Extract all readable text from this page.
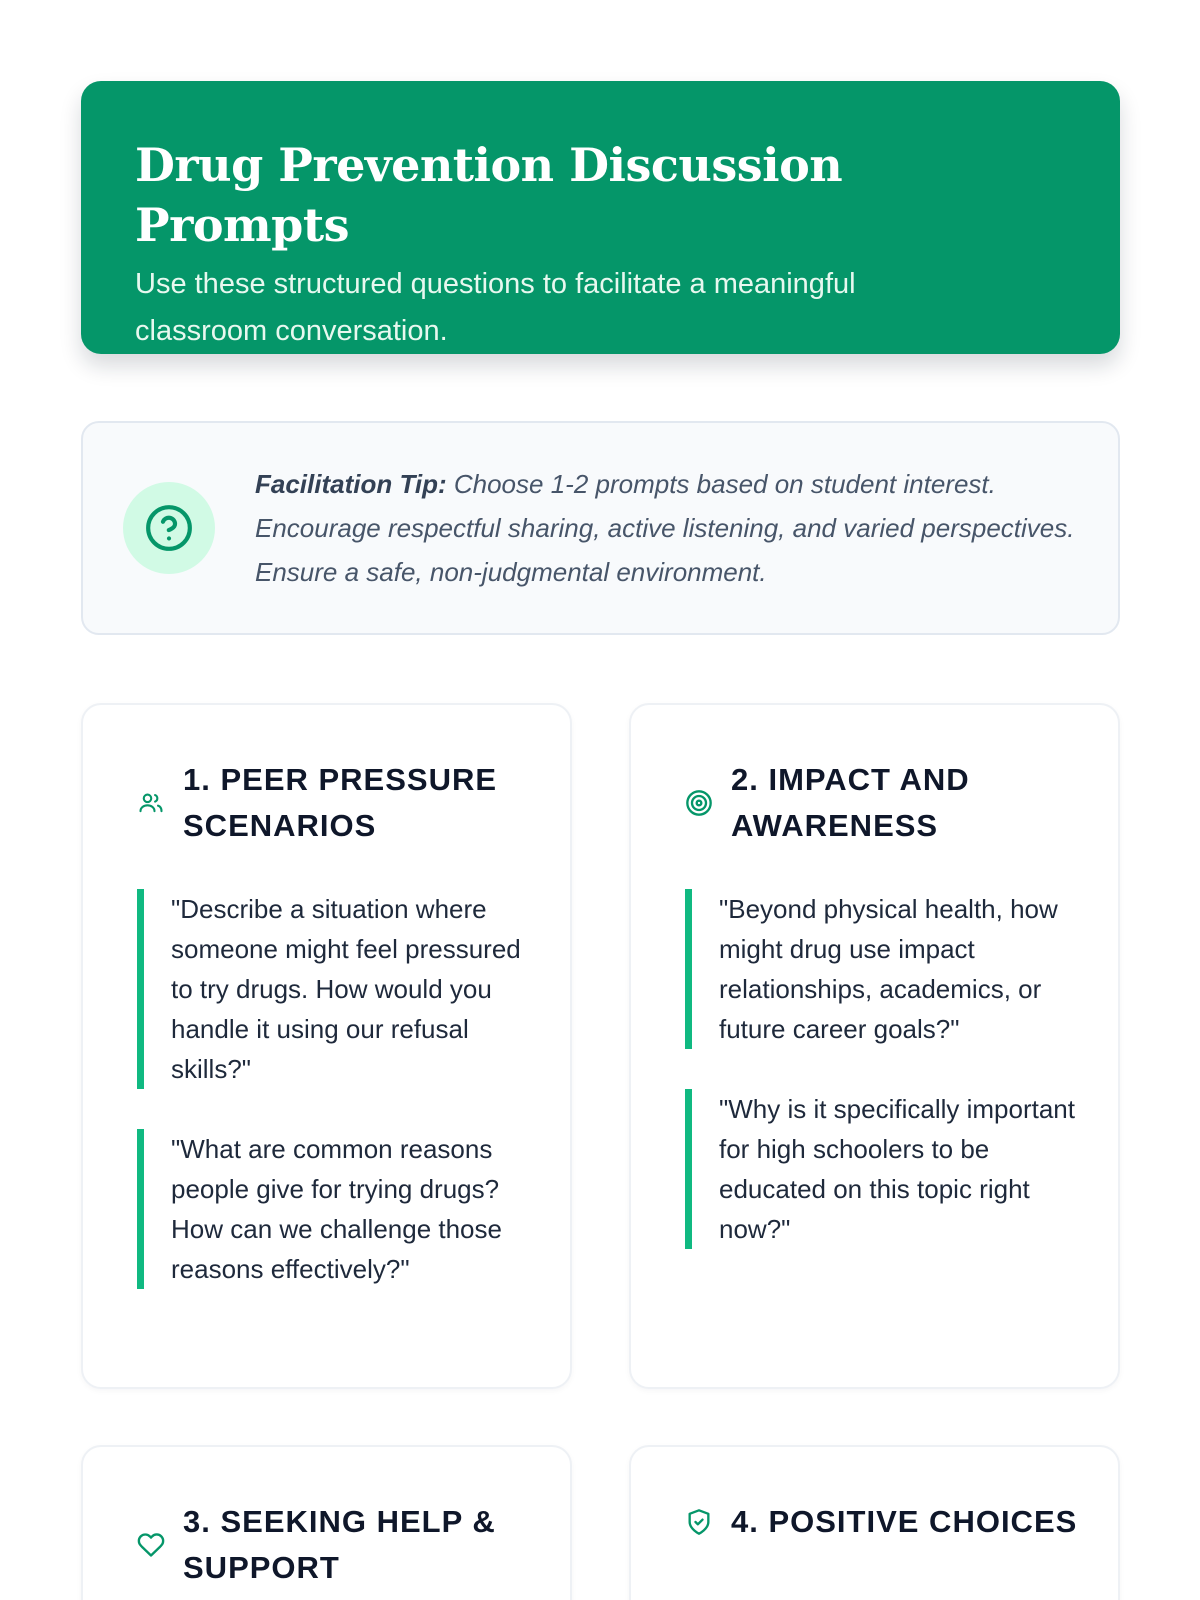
Drug Prevention Discussion Prompts

Use these structured questions to facilitate a meaningful classroom conversation.

Facilitation Tip: Choose 1-2 prompts based on student interest. Encourage respectful sharing, active listening, and varied perspectives. Ensure a safe, non-judgmental environment.

1. PEER PRESSURE SCENARIOS

"Describe a situation where someone might feel pressured to try drugs. How would you handle it using our refusal skills?"

"What are common reasons people give for trying drugs? How can we challenge those reasons effectively?"

2. IMPACT AND AWARENESS

"Beyond physical health, how might drug use impact relationships, academics, or future career goals?"

"Why is it specifically important for high schoolers to be educated on this topic right now?"

3. SEEKING HELP & SUPPORT
4. POSITIVE CHOICES
